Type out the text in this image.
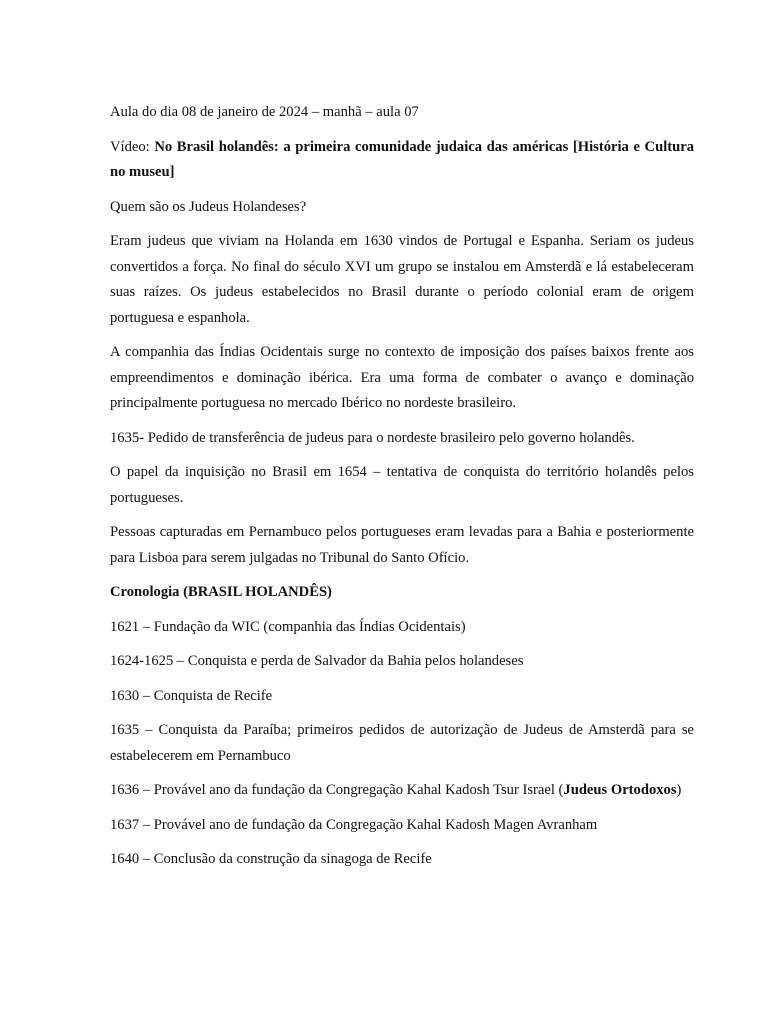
Aula do dia 08 de janeiro de 2024 – manhã – aula 07

Vídeo: No Brasil holandês: a primeira comunidade judaica das américas [História e Cultura no museu]

Quem são os Judeus Holandeses?

Eram judeus que viviam na Holanda em 1630 vindos de Portugal e Espanha. Seriam os judeus convertidos a força. No final do século XVI um grupo se instalou em Amsterdã e lá estabeleceram suas raízes. Os judeus estabelecidos no Brasil durante o período colonial eram de origem portuguesa e espanhola.

A companhia das Índias Ocidentais surge no contexto de imposição dos países baixos frente aos empreendimentos e dominação ibérica. Era uma forma de combater o avanço e dominação principalmente portuguesa no mercado Ibérico no nordeste brasileiro.

1635- Pedido de transferência de judeus para o nordeste brasileiro pelo governo holandês.

O papel da inquisição no Brasil em 1654 – tentativa de conquista do território holandês pelos portugueses.

Pessoas capturadas em Pernambuco pelos portugueses eram levadas para a Bahia e posteriormente para Lisboa para serem julgadas no Tribunal do Santo Ofício.

Cronologia (BRASIL HOLANDÊS)

1621 – Fundação da WIC (companhia das Índias Ocidentais)

1624-1625 – Conquista e perda de Salvador da Bahia pelos holandeses

1630 – Conquista de Recife

1635 – Conquista da Paraíba; primeiros pedidos de autorização de Judeus de Amsterdã para se estabelecerem em Pernambuco

1636 – Provável ano da fundação da Congregação Kahal Kadosh Tsur Israel (Judeus Ortodoxos)

1637 – Provável ano de fundação da Congregação Kahal Kadosh Magen Avranham

1640 – Conclusão da construção da sinagoga de Recife
